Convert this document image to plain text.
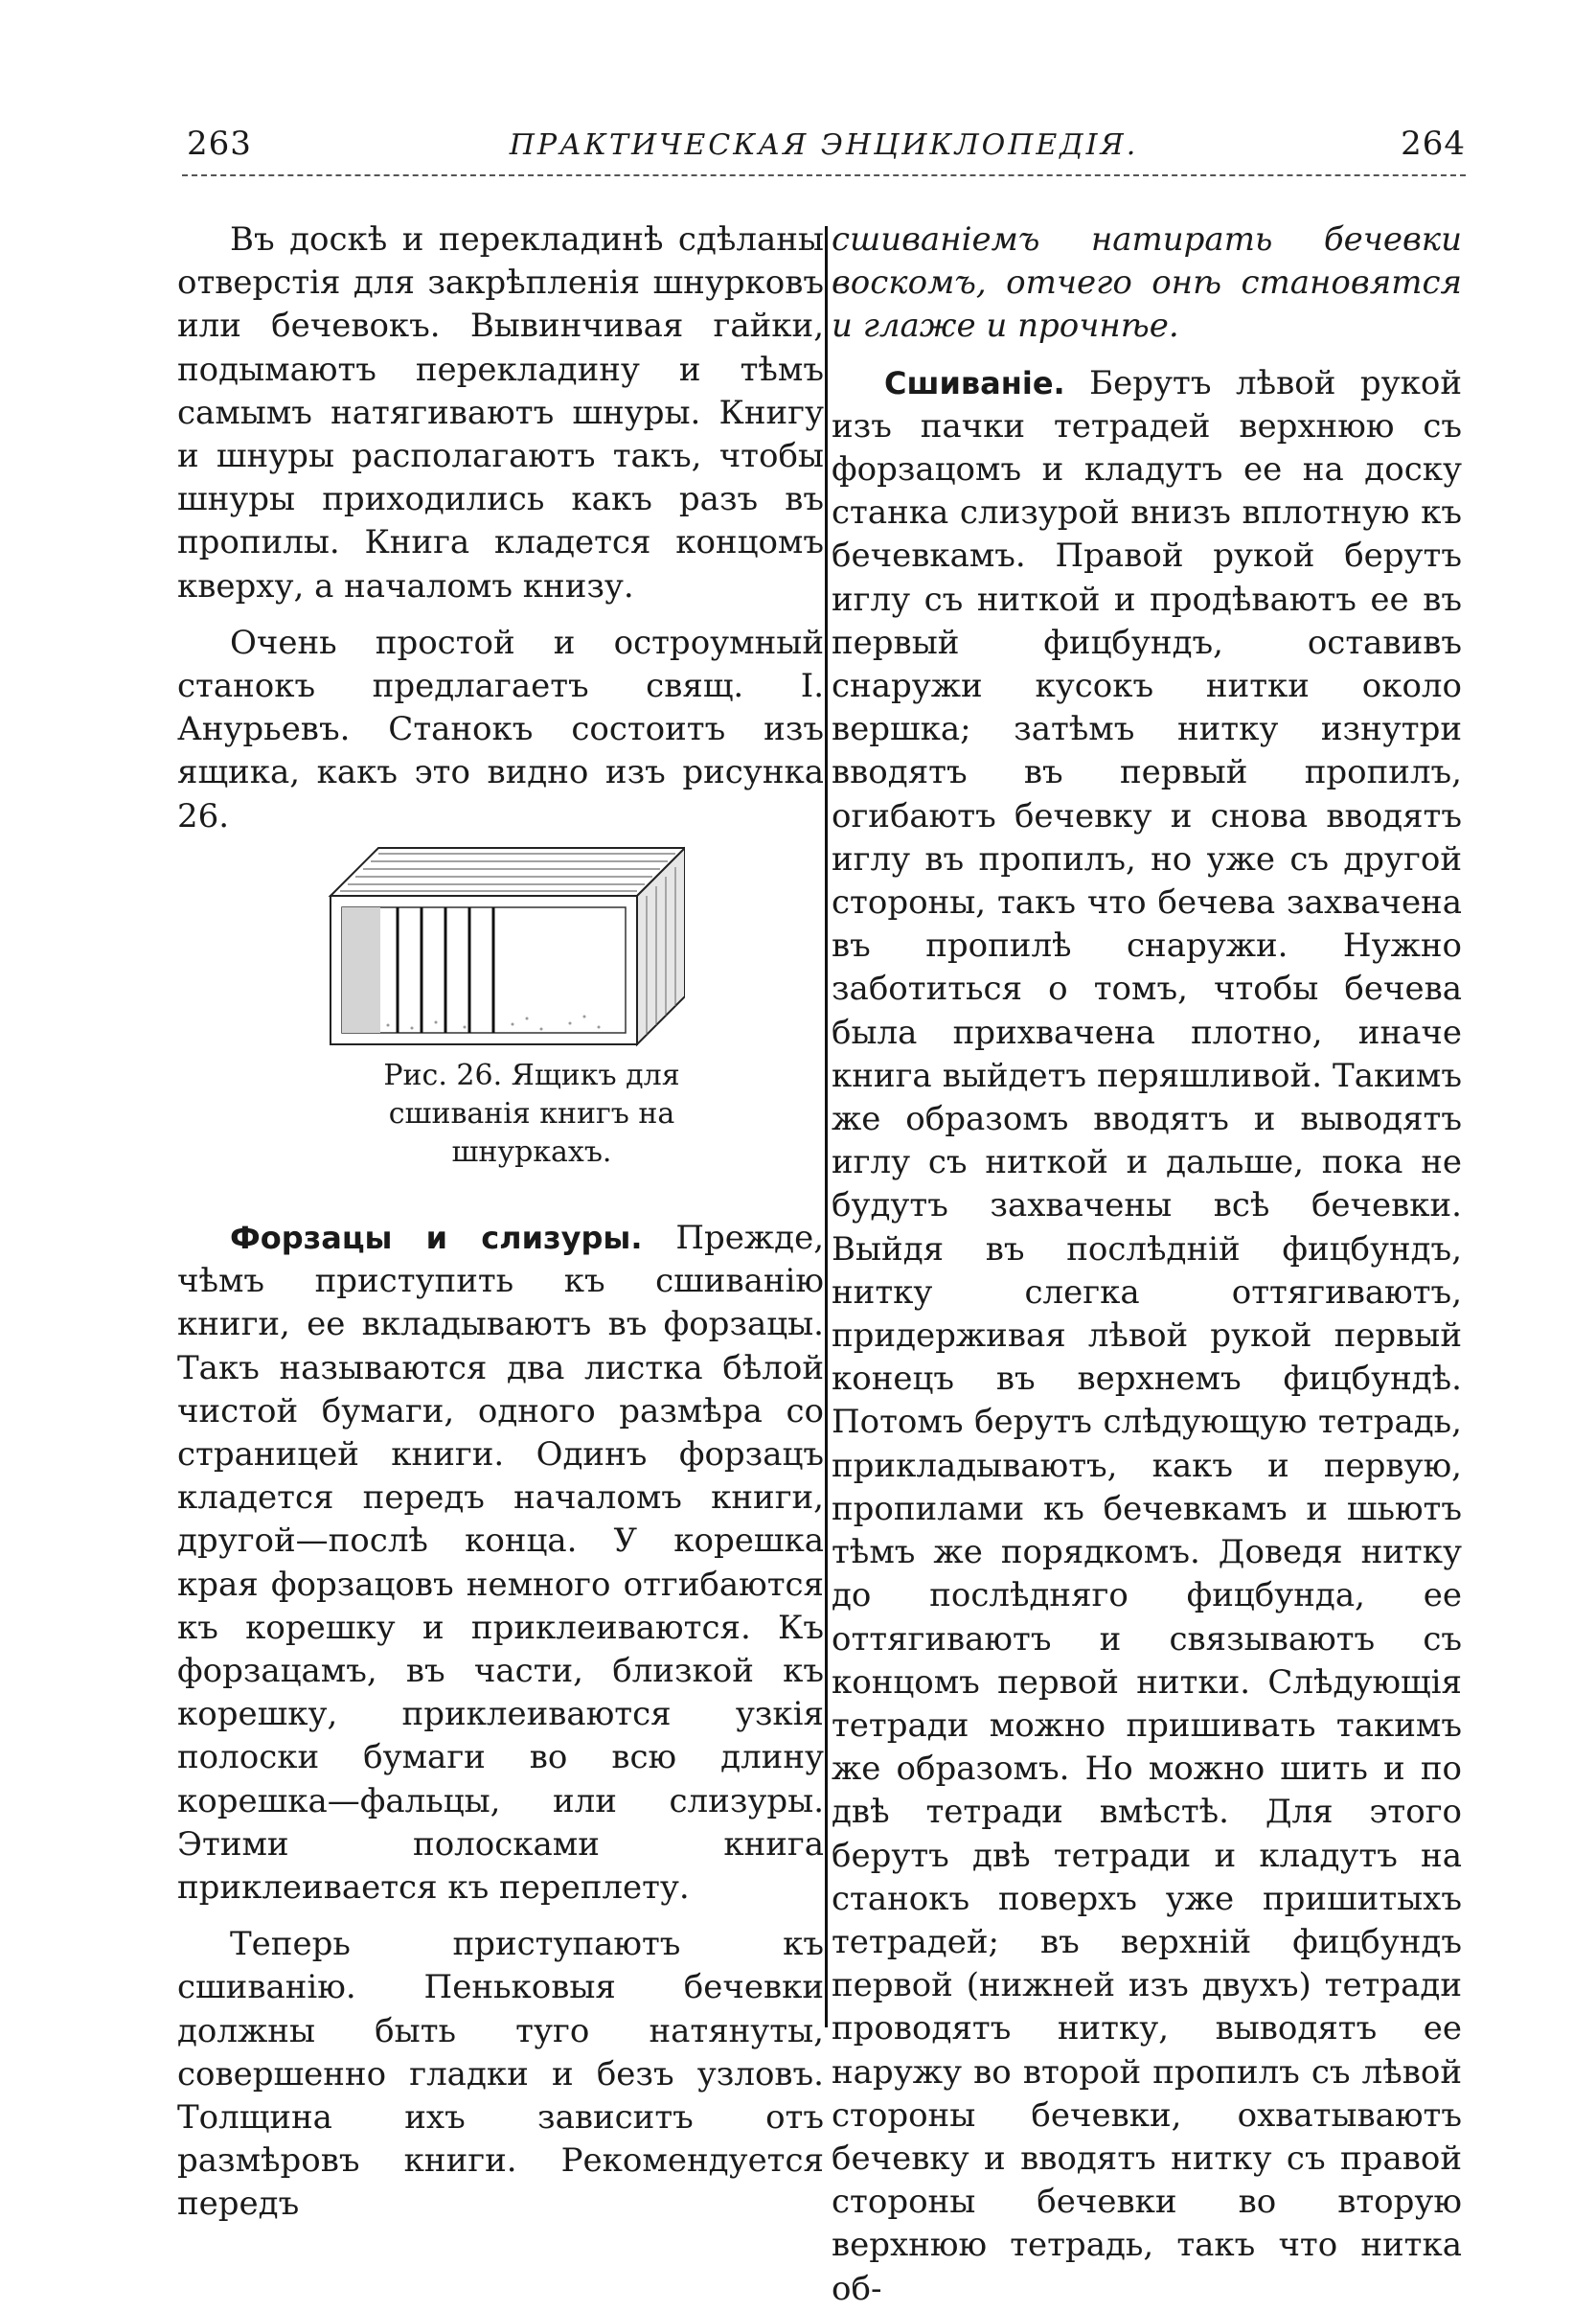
263	ПРАКТИЧЕСКАЯ ЭНЦИКЛОПЕДІЯ.	264

Въ доскѣ и перекладинѣ сдѣланы отверстія для закрѣпленія шнурковъ или бечевокъ. Вывинчивая гайки, подымаютъ перекладину и тѣмъ самымъ натягиваютъ шнуры. Книгу и шнуры располагаютъ такъ, чтобы шнуры приходились какъ разъ въ пропилы. Книга кладется концомъ кверху, а началомъ книзу.

Очень простой и остроумный станокъ предлагаетъ свящ. І. Анурьевъ. Станокъ состоитъ изъ ящика, какъ это видно изъ рисунка 26.

Рис. 26. Ящикъ для сшиванія книгъ на шнуркахъ.

Форзацы и слизуры. Прежде, чѣмъ приступить къ сшиванію книги, ее вкладываютъ въ форзацы. Такъ называются два листка бѣлой чистой бумаги, одного размѣра со страницей книги. Одинъ форзацъ кладется передъ началомъ книги, другой—послѣ конца. У корешка края форзацовъ немного отгибаются къ корешку и приклеиваются. Къ форзацамъ, въ части, близкой къ корешку, приклеиваются узкія полоски бумаги во всю длину корешка—фальцы, или слизуры. Этими полосками книга приклеивается къ переплету.

Теперь приступаютъ къ сшиванію. Пеньковыя бечевки должны быть туго натянуты, совершенно гладки и безъ узловъ. Толщина ихъ зависитъ отъ размѣровъ книги. Рекомендуется передъ

сшиваніемъ натирать бечевки воскомъ, отчего онѣ становятся и глаже и прочнѣе.

Сшиваніе. Берутъ лѣвой рукой изъ пачки тетрадей верхнюю съ форзацомъ и кладутъ ее на доску станка слизурой внизъ вплотную къ бечевкамъ. Правой рукой берутъ иглу съ ниткой и продѣваютъ ее въ первый фицбундъ, оставивъ снаружи кусокъ нитки около вершка; затѣмъ нитку изнутри вводятъ въ первый пропилъ, огибаютъ бечевку и снова вводятъ иглу въ пропилъ, но уже съ другой стороны, такъ что бечева захвачена въ пропилѣ снаружи. Нужно заботиться о томъ, чтобы бечева была прихвачена плотно, иначе книга выйдетъ перяшливой. Такимъ же образомъ вводятъ и выводятъ иглу съ ниткой и дальше, пока не будутъ захвачены всѣ бечевки. Выйдя въ послѣдній фицбундъ, нитку слегка оттягиваютъ, придерживая лѣвой рукой первый конецъ въ верхнемъ фицбундѣ. Потомъ берутъ слѣдующую тетрадь, прикладываютъ, какъ и первую, пропилами къ бечевкамъ и шьютъ тѣмъ же порядкомъ. Доведя нитку до послѣдняго фицбунда, ее оттягиваютъ и связываютъ съ концомъ первой нитки. Слѣдующія тетради можно пришивать такимъ же образомъ. Но можно шить и по двѣ тетради вмѣстѣ. Для этого берутъ двѣ тетради и кладутъ на станокъ поверхъ уже пришитыхъ тетрадей; въ верхній фицбундъ первой (нижней изъ двухъ) тетради проводятъ нитку, выводятъ ее наружу во второй пропилъ съ лѣвой стороны бечевки, охватываютъ бечевку и вводятъ нитку съ правой стороны бечевки во вторую верхнюю тетрадь, такъ что нитка об-
